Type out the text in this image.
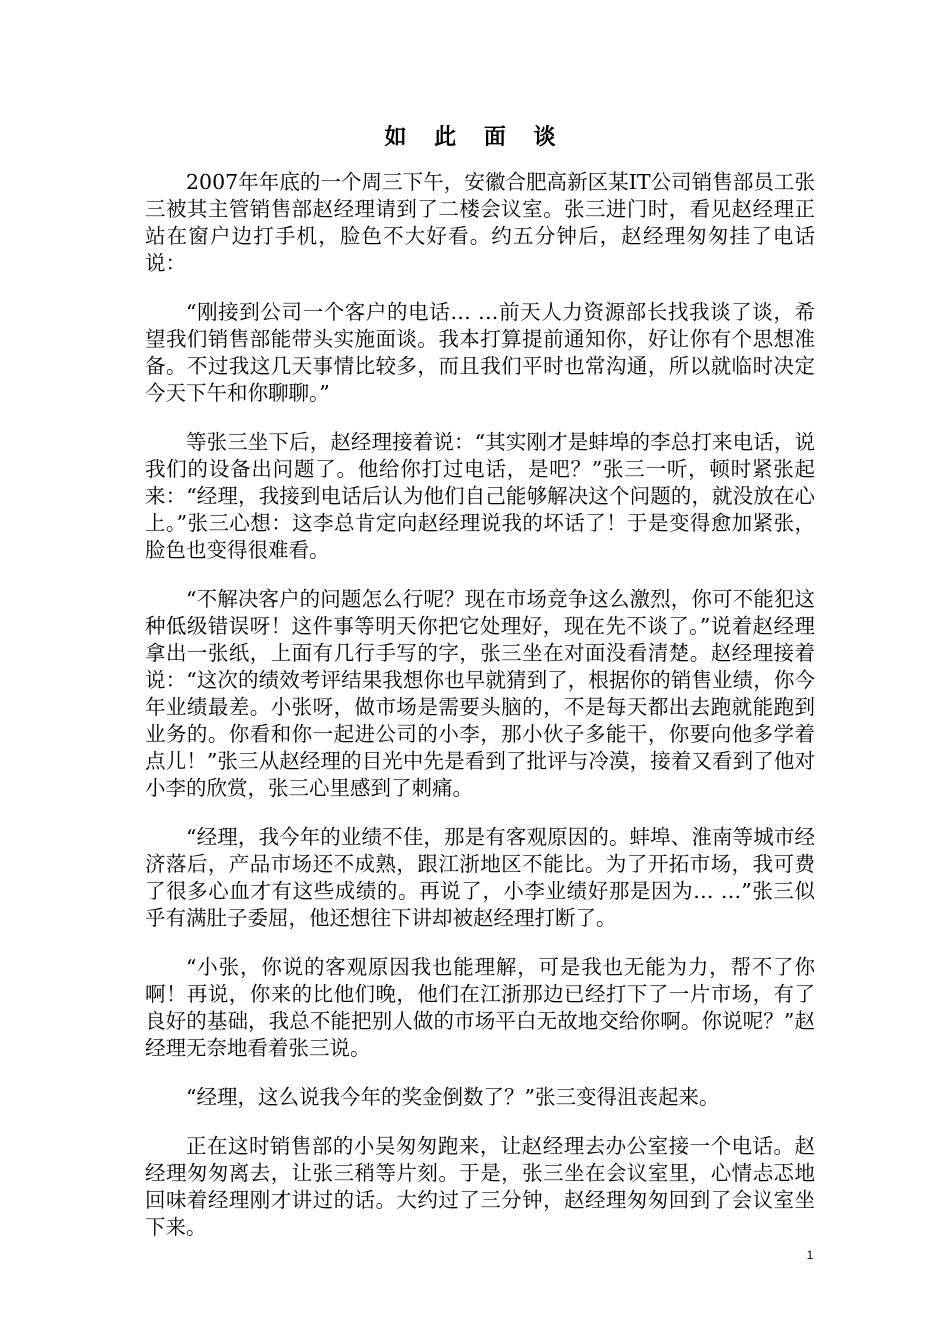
如 此 面 谈

2007年年底的一个周三下午，安徽合肥高新区某IT公司销售部员工张三被其主管销售部赵经理请到了二楼会议室。张三进门时，看见赵经理正站在窗户边打手机，脸色不大好看。约五分钟后，赵经理匆匆挂了电话说：

“刚接到公司一个客户的电话… …前天人力资源部长找我谈了谈，希望我们销售部能带头实施面谈。我本打算提前通知你，好让你有个思想准备。不过我这几天事情比较多，而且我们平时也常沟通，所以就临时决定今天下午和你聊聊。”

等张三坐下后，赵经理接着说：“其实刚才是蚌埠的李总打来电话，说我们的设备出问题了。他给你打过电话，是吧？”张三一听，顿时紧张起来：“经理，我接到电话后认为他们自己能够解决这个问题的，就没放在心上。”张三心想：这李总肯定向赵经理说我的坏话了！于是变得愈加紧张，脸色也变得很难看。

“不解决客户的问题怎么行呢？现在市场竞争这么激烈，你可不能犯这种低级错误呀！这件事等明天你把它处理好，现在先不谈了。”说着赵经理拿出一张纸，上面有几行手写的字，张三坐在对面没看清楚。赵经理接着说：“这次的绩效考评结果我想你也早就猜到了，根据你的销售业绩，你今年业绩最差。小张呀，做市场是需要头脑的，不是每天都出去跑就能跑到业务的。你看和你一起进公司的小李，那小伙子多能干，你要向他多学着点儿！”张三从赵经理的目光中先是看到了批评与冷漠，接着又看到了他对小李的欣赏，张三心里感到了刺痛。

“经理，我今年的业绩不佳，那是有客观原因的。蚌埠、淮南等城市经济落后，产品市场还不成熟，跟江浙地区不能比。为了开拓市场，我可费了很多心血才有这些成绩的。再说了，小李业绩好那是因为… …”张三似乎有满肚子委屈，他还想往下讲却被赵经理打断了。

“小张，你说的客观原因我也能理解，可是我也无能为力，帮不了你啊！再说，你来的比他们晚，他们在江浙那边已经打下了一片市场，有了良好的基础，我总不能把别人做的市场平白无故地交给你啊。你说呢？”赵经理无奈地看着张三说。

“经理，这么说我今年的奖金倒数了？”张三变得沮丧起来。

正在这时销售部的小吴匆匆跑来，让赵经理去办公室接一个电话。赵经理匆匆离去，让张三稍等片刻。于是，张三坐在会议室里，心情忐忑地回味着经理刚才讲过的话。大约过了三分钟，赵经理匆匆回到了会议室坐下来。

1
